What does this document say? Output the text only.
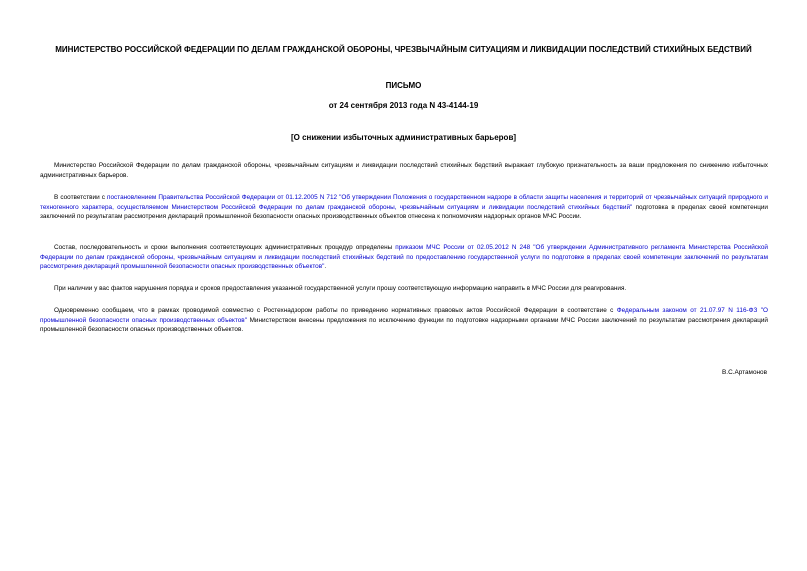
МИНИСТЕРСТВО РОССИЙСКОЙ ФЕДЕРАЦИИ ПО ДЕЛАМ ГРАЖДАНСКОЙ ОБОРОНЫ, ЧРЕЗВЫЧАЙНЫМ СИТУАЦИЯМ И ЛИКВИДАЦИИ ПОСЛЕДСТВИЙ СТИХИЙНЫХ БЕДСТВИЙ
ПИСЬМО
от 24 сентября 2013 года N 43-4144-19
[О снижении избыточных административных барьеров]

Министерство Российской Федерации по делам гражданской обороны, чрезвычайным ситуациям и ликвидации последствий стихийных бедствий выражает глубокую признательность за ваши предложения по снижению избыточных административных барьеров.

В соответствии с постановлением Правительства Российской Федерации от 01.12.2005 N 712 "Об утверждении Положения о государственном надзоре в области защиты населения и территорий от чрезвычайных ситуаций природного и техногенного характера, осуществляемом Министерством Российской Федерации по делам гражданской обороны, чрезвычайным ситуациям и ликвидации последствий стихийных бедствий" подготовка в пределах своей компетенции заключений по результатам рассмотрения деклараций промышленной безопасности опасных производственных объектов отнесена к полномочиям надзорных органов МЧС России.

Состав, последовательность и сроки выполнения соответствующих административных процедур определены приказом МЧС России от 02.05.2012 N 248 "Об утверждении Административного регламента Министерства Российской Федерации по делам гражданской обороны, чрезвычайным ситуациям и ликвидации последствий стихийных бедствий по предоставлению государственной услуги по подготовке в пределах своей компетенции заключений по результатам рассмотрения деклараций промышленной безопасности опасных производственных объектов".

При наличии у вас фактов нарушения порядка и сроков предоставления указанной государственной услуги прошу соответствующую информацию направить в МЧС России для реагирования.

Одновременно сообщаем, что в рамках проводимой совместно с Ростехнадзором работы по приведению нормативных правовых актов Российской Федерации в соответствие с Федеральным законом от 21.07.97 N 116-ФЗ "О промышленной безопасности опасных производственных объектов" Министерством внесены предложения по исключению функции по подготовке надзорными органами МЧС России заключений по результатам рассмотрения деклараций промышленной безопасности опасных производственных объектов.

В.С.Артамонов
